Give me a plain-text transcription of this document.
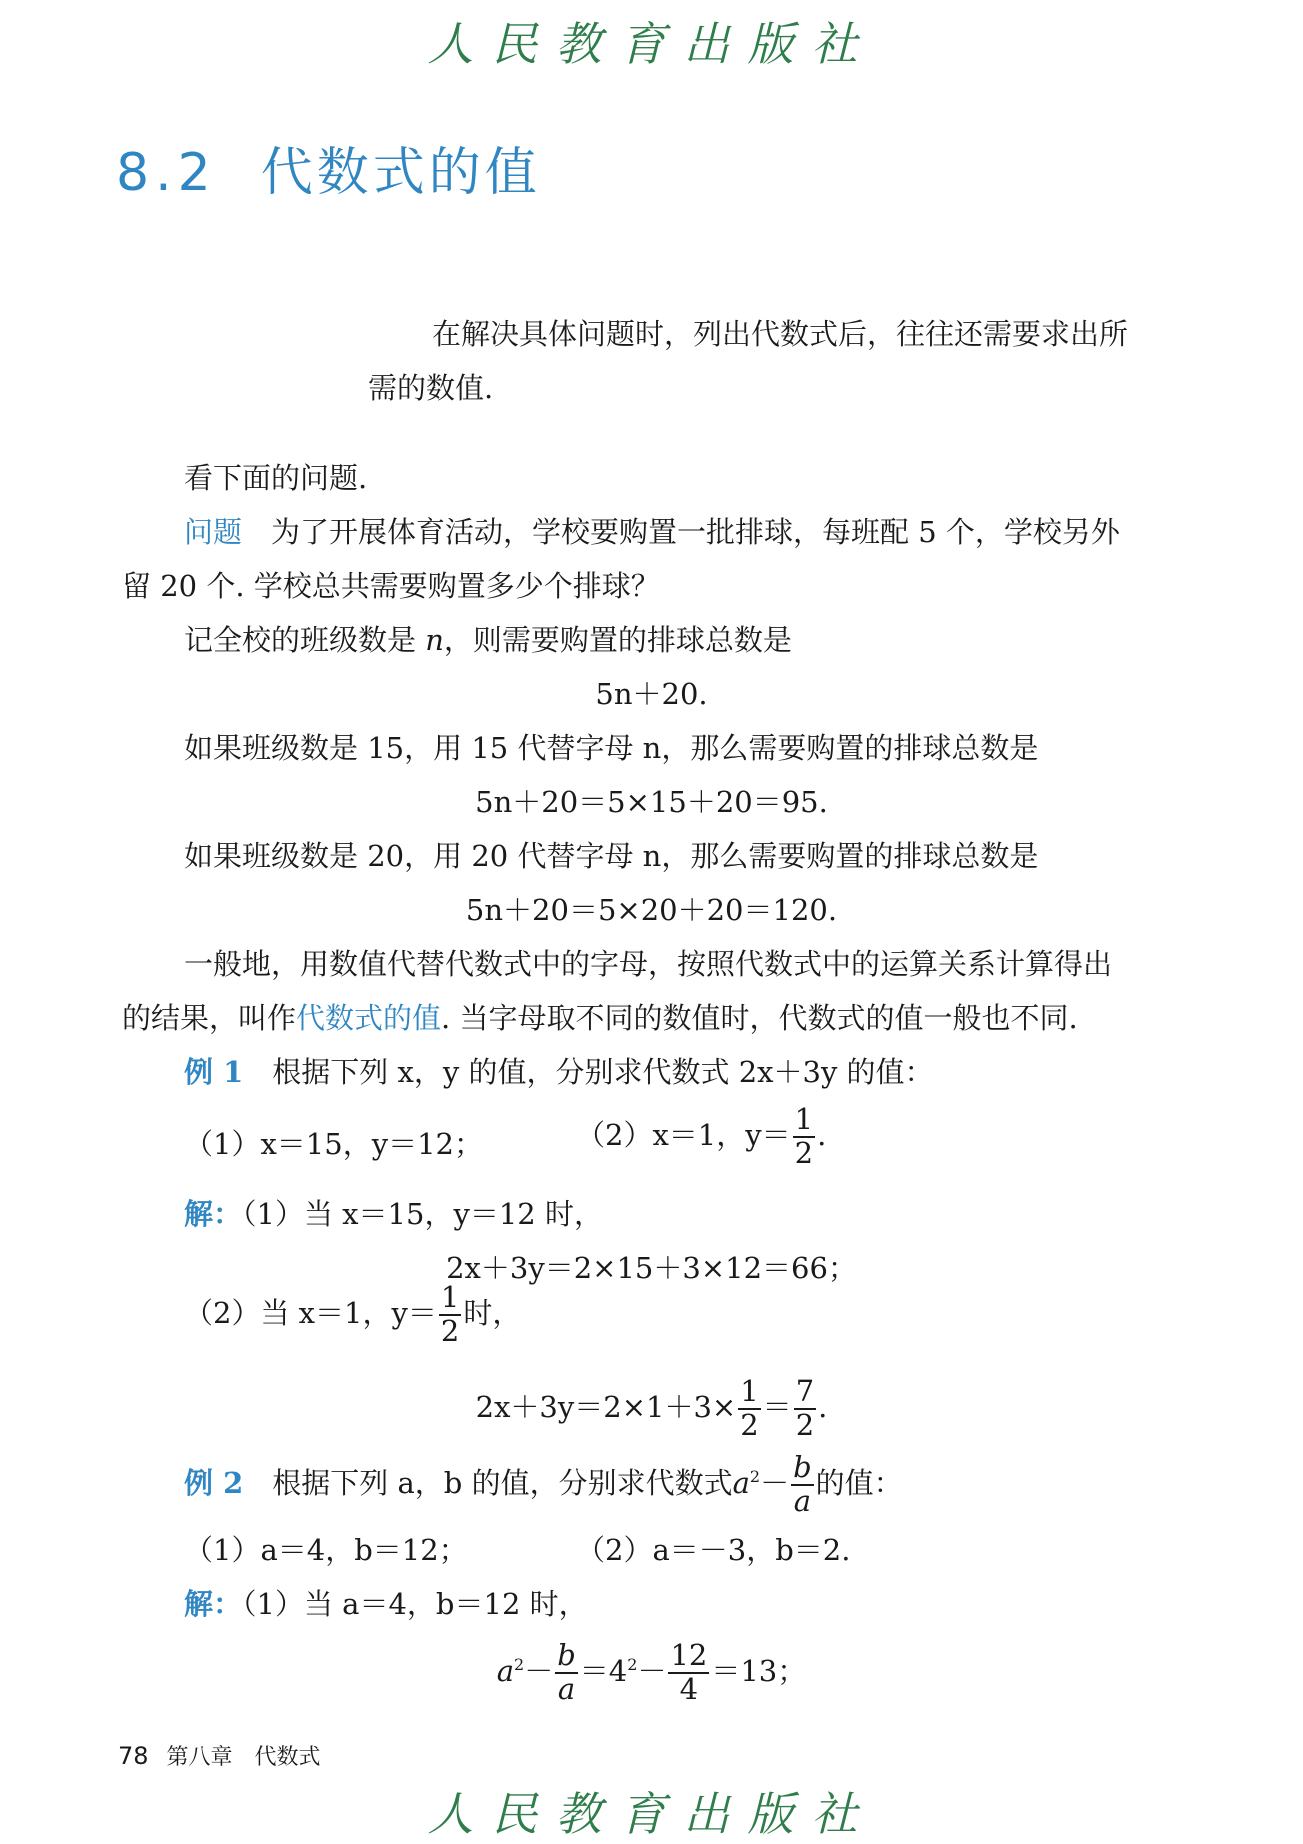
人民教育出版社
8.2 代数式的值
在解决具体问题时，列出代数式后，往往还需要求出所
需的数值.
看下面的问题.
问题　 为了开展体育活动，学校要购置一批排球，每班配 5 个，学校另外
留 20 个. 学校总共需要购置多少个排球？
记全校的班级数是 n，则需要购置的排球总数是
5n＋20.
如果班级数是 15，用 15 代替字母 n，那么需要购置的排球总数是
5n＋20＝5×15＋20＝95.
如果班级数是 20，用 20 代替字母 n，那么需要购置的排球总数是
5n＋20＝5×20＋20＝120.
一般地，用数值代替代数式中的字母，按照代数式中的运算关系计算得出
的结果，叫作代数式的值. 当字母取不同的数值时，代数式的值一般也不同.
例 1　 根据下列 x，y 的值，分别求代数式 2x＋3y 的值：
（1）x＝15，y＝12；	（2）x＝1，$y= \frac{1}{2}$ .
解：（1）当 x＝15，y＝12 时，
2x＋3y＝2×15＋3×12＝66；
（2）当 x＝1，$y= \frac{1}{2}$ 时，
$2x+3y=2\times 1+3\times \frac{1}{2} = \frac{7}{2}$ .
例 2　 根据下列 a，b 的值，分别求代数式$a^2- \frac{b}{a}$ 的值：
（1）a＝4，b＝12；	（2）a＝－3，b＝2.
解：（1）当 a＝4，b＝12 时，
$a^2- \frac{b}{a} =4^2- \frac{12}{4} =13$；
78 第八章　代数式
人民教育出版社
